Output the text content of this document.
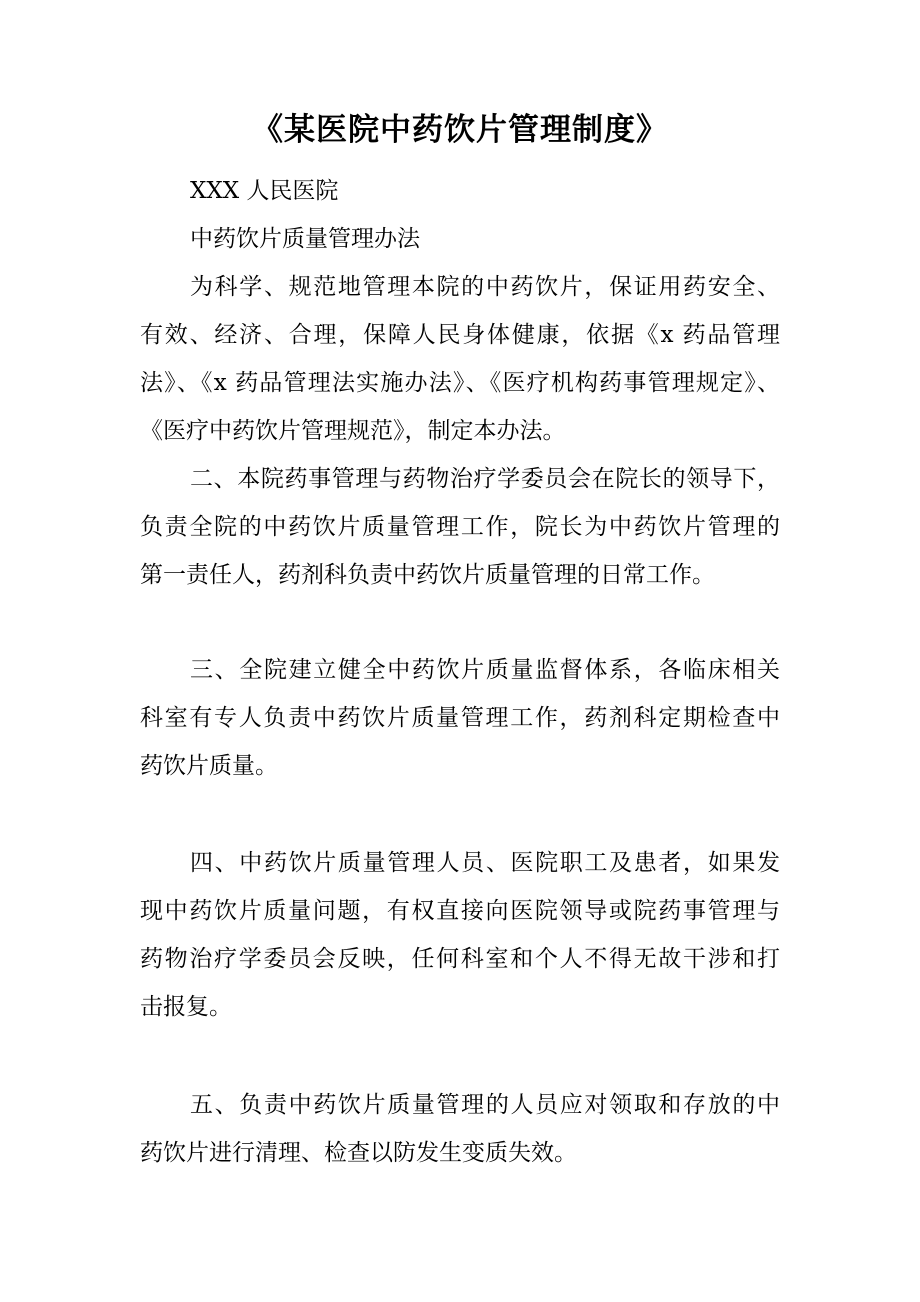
《某医院中药饮片管理制度》
XXX 人民医院
中药饮片质量管理办法
为科学、规范地管理本院的中药饮片，保证用药安全、
有效、经济、合理，保障人民身体健康，依据《x 药品管理
法》、《x 药品管理法实施办法》、《医疗机构药事管理规定》、
《医疗中药饮片管理规范》，制定本办法。
二、本院药事管理与药物治疗学委员会在院长的领导下，
负责全院的中药饮片质量管理工作，院长为中药饮片管理的
第一责任人，药剂科负责中药饮片质量管理的日常工作。
三、全院建立健全中药饮片质量监督体系，各临床相关
科室有专人负责中药饮片质量管理工作，药剂科定期检查中
药饮片质量。
四、中药饮片质量管理人员、医院职工及患者，如果发
现中药饮片质量问题，有权直接向医院领导或院药事管理与
药物治疗学委员会反映，任何科室和个人不得无故干涉和打
击报复。
五、负责中药饮片质量管理的人员应对领取和存放的中
药饮片进行清理、检查以防发生变质失效。
